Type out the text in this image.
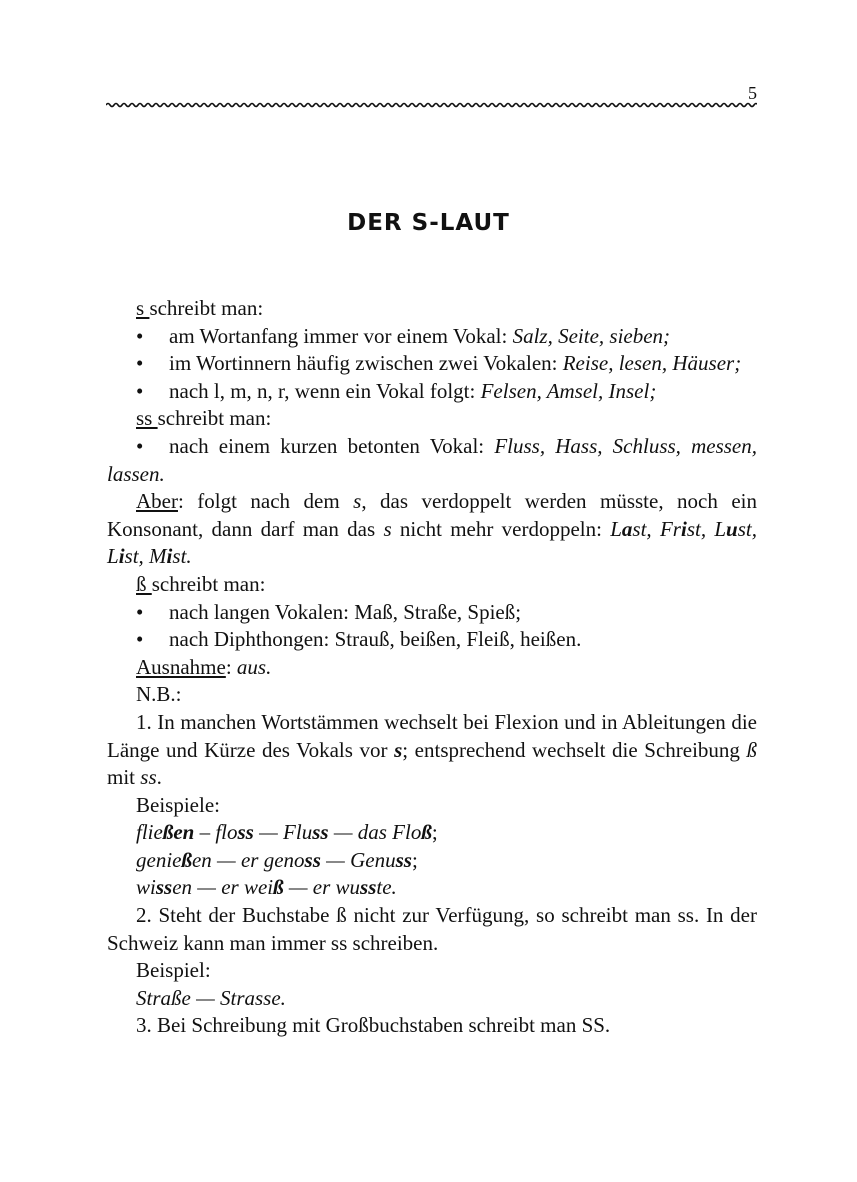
5
DER S-LAUT

s schreibt man:

• am Wortanfang immer vor einem Vokal: Salz, Seite, sieben;

• im Wortinnern häufig zwischen zwei Vokalen: Reise, lesen, Häuser;

• nach l, m, n, r, wenn ein Vokal folgt: Felsen, Amsel, Insel;

ss schreibt man:

• nach einem kurzen betonten Vokal: Fluss, Hass, Schluss, messen, lassen.

Aber: folgt nach dem s, das verdoppelt werden müsste, noch ein Konsonant, dann darf man das s nicht mehr verdoppeln: Last, Frist, Lust, List, Mist.

ß schreibt man:

• nach langen Vokalen: Maß, Straße, Spieß;

• nach Diphthongen: Strauß, beißen, Fleiß, heißen.

Ausnahme: aus.

N.B.:

1. In manchen Wortstämmen wechselt bei Flexion und in Ableitungen die Länge und Kürze des Vokals vor s; entsprechend wechselt die Schreibung ß mit ss.

Beispiele:

fließen – floss — Fluss — das Floß;

genießen — er genoss — Genuss;

wissen — er weiß — er wusste.

2. Steht der Buchstabe ß nicht zur Verfügung, so schreibt man ss. In der Schweiz kann man immer ss schreiben.

Beispiel:

Straße — Strasse.

3. Bei Schreibung mit Großbuchstaben schreibt man SS.
